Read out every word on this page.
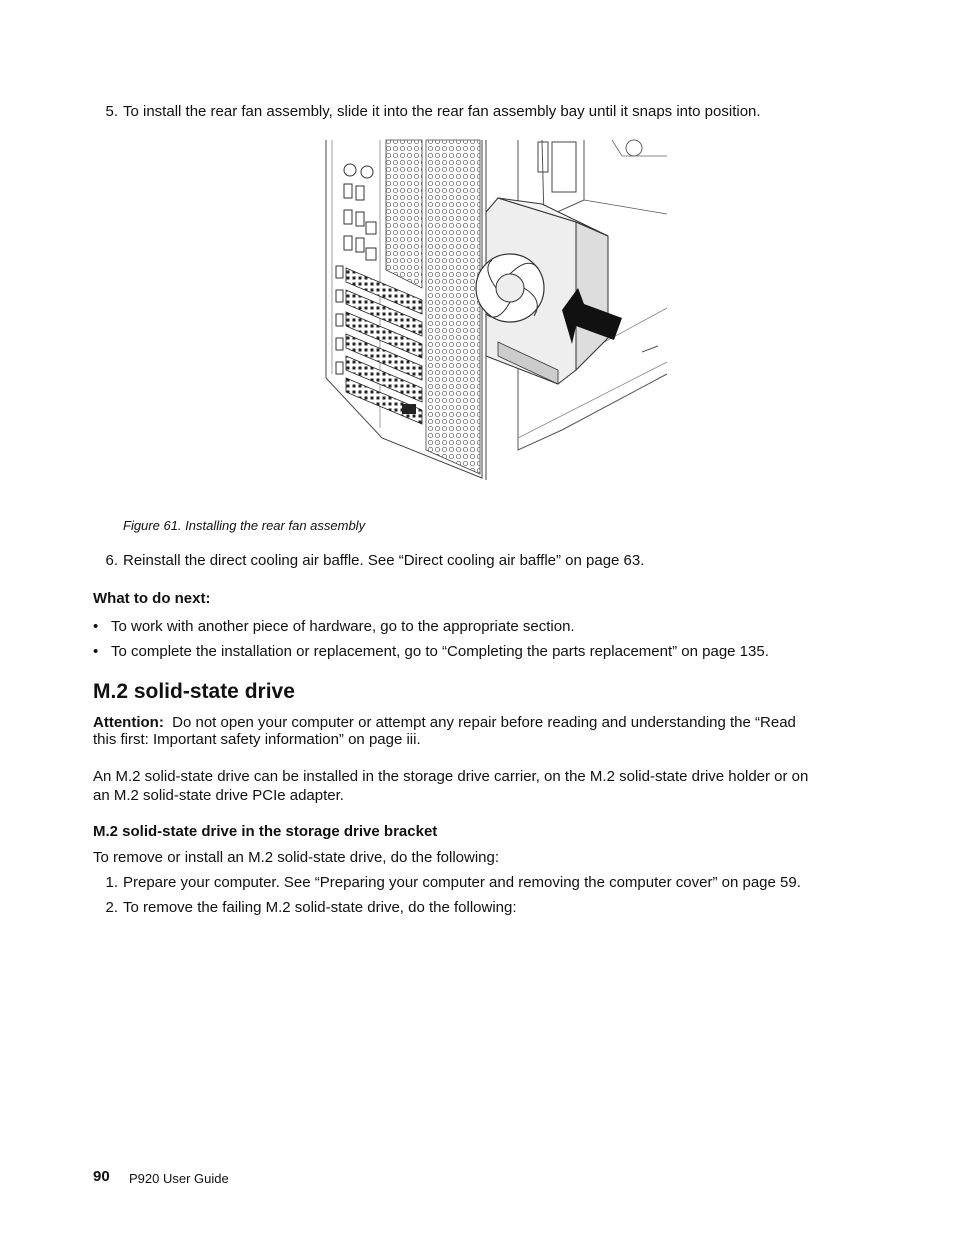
5. To install the rear fan assembly, slide it into the rear fan assembly bay until it snaps into position.
Figure 61. Installing the rear fan assembly
6. Reinstall the direct cooling air baffle. See “Direct cooling air baffle” on page 63.
What to do next:
• To work with another piece of hardware, go to the appropriate section.
• To complete the installation or replacement, go to “Completing the parts replacement” on page 135.
M.2 solid-state drive
Attention: Do not open your computer or attempt any repair before reading and understanding the “Read
this first: Important safety information” on page iii.
An M.2 solid-state drive can be installed in the storage drive carrier, on the M.2 solid-state drive holder or on
an M.2 solid-state drive PCIe adapter.
M.2 solid-state drive in the storage drive bracket
To remove or install an M.2 solid-state drive, do the following:
1. Prepare your computer. See “Preparing your computer and removing the computer cover” on page 59.
2. To remove the failing M.2 solid-state drive, do the following:
90 P920 User Guide
